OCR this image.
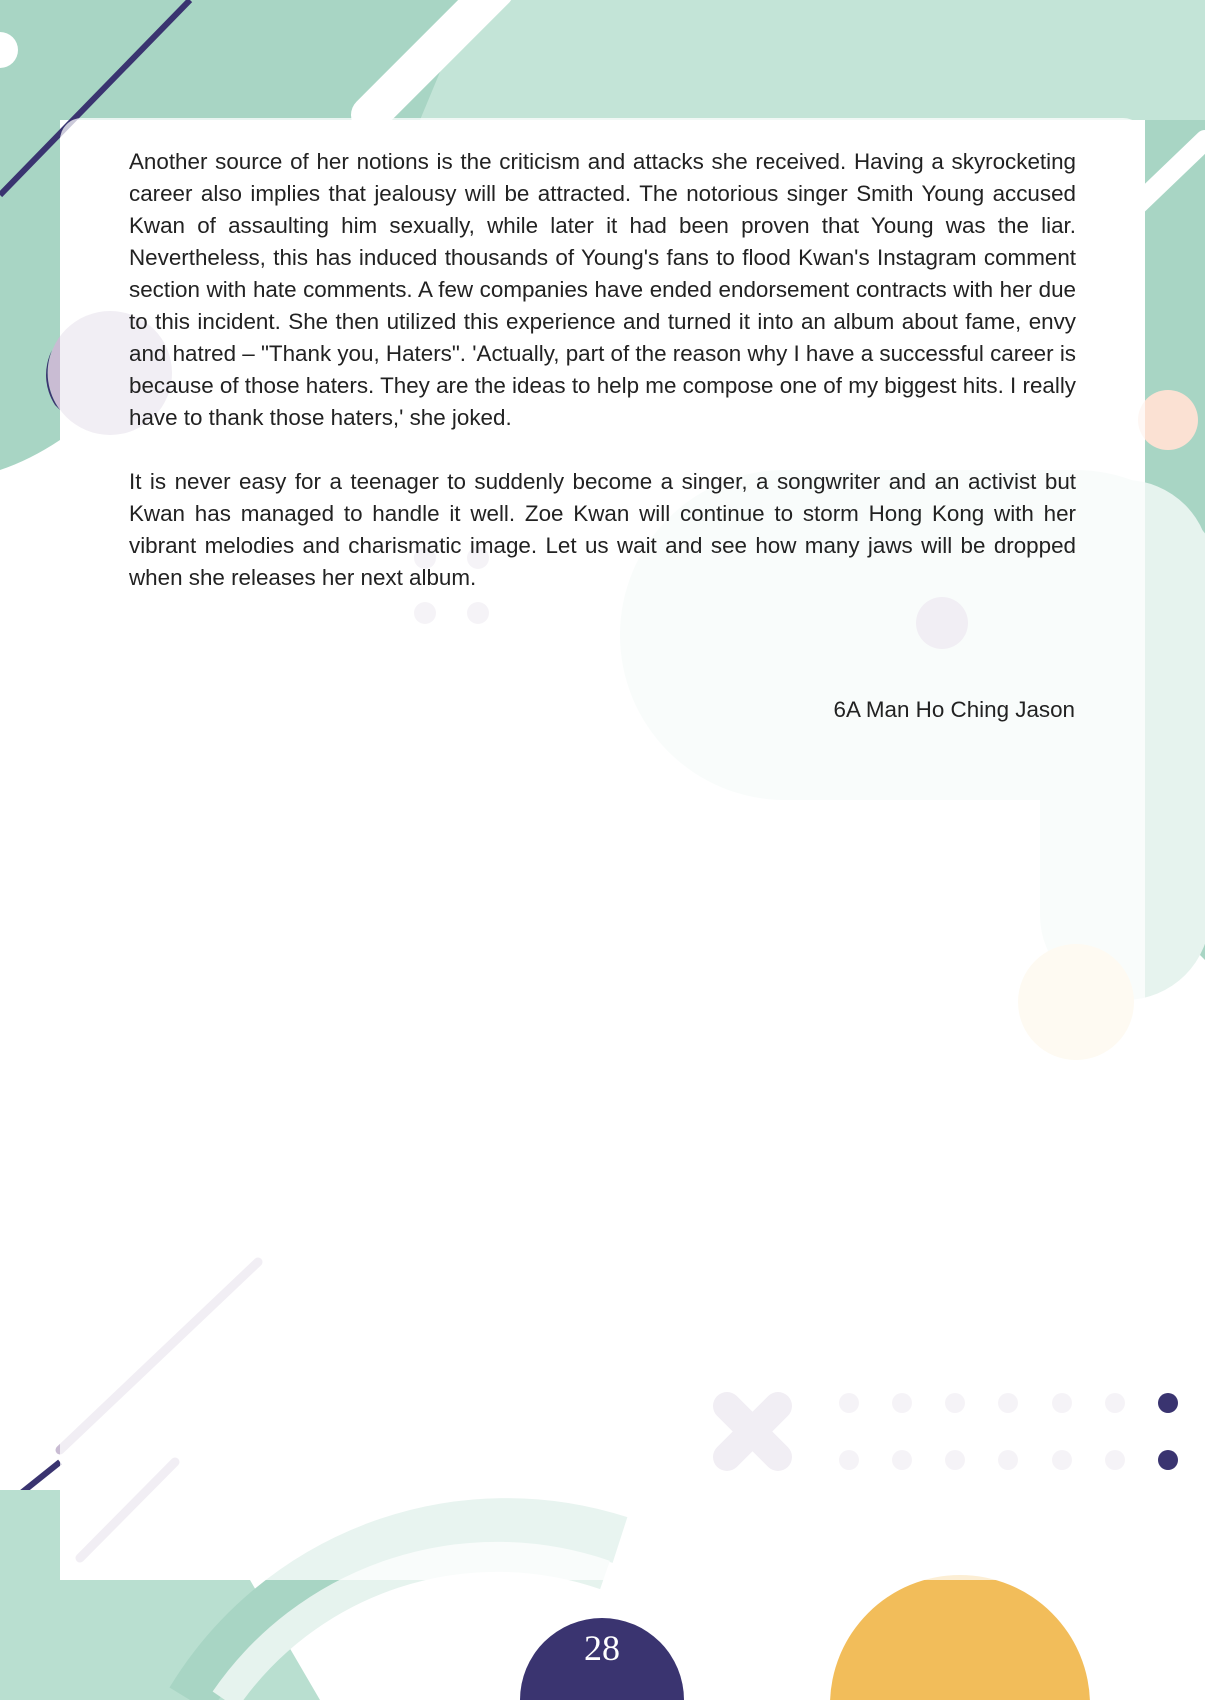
Another source of her notions is the criticism and attacks she received. Having a skyrocketing career also implies that jealousy will be attracted. The notorious singer Smith Young accused Kwan of assaulting him sexually, while later it had been proven that Young was the liar. Nevertheless, this has induced thousands of Young's fans to flood Kwan's Instagram comment section with hate comments. A few companies have ended endorsement contracts with her due to this incident. She then utilized this experience and turned it into an album about fame, envy and hatred – "Thank you, Haters". 'Actually, part of the reason why I have a successful career is because of those haters. They are the ideas to help me compose one of my biggest hits. I really have to thank those haters,' she joked.

It is never easy for a teenager to suddenly become a singer, a songwriter and an activist but Kwan has managed to handle it well. Zoe Kwan will continue to storm Hong Kong with her vibrant melodies and charismatic image. Let us wait and see how many jaws will be dropped when she releases her next album.

6A Man Ho Ching Jason
28
